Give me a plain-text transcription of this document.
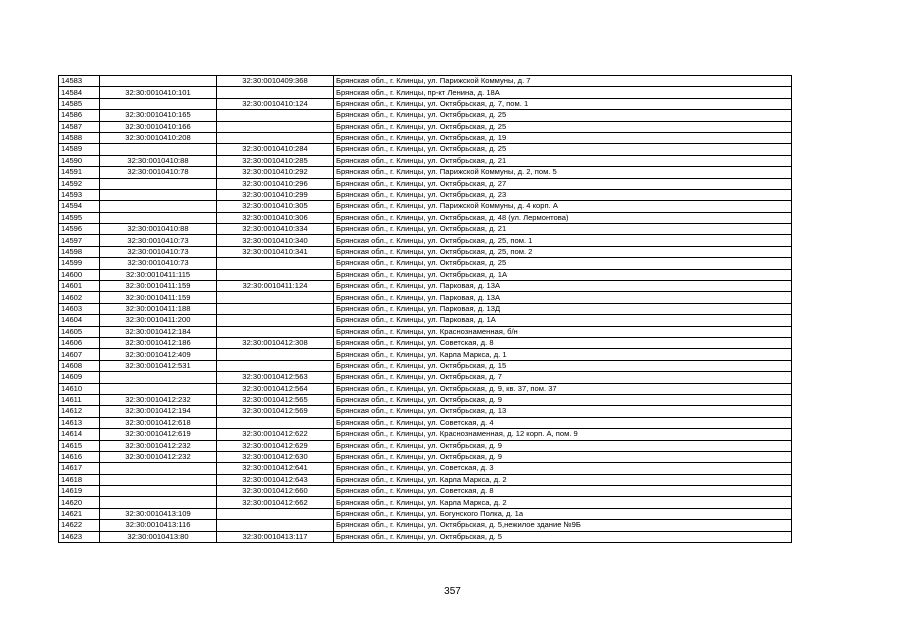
14583		32:30:0010409:368	Брянская обл., г. Клинцы, ул. Парижской Коммуны, д. 7
14584	32:30:0010410:101		Брянская обл., г. Клинцы, пр-кт Ленина, д. 18А
14585		32:30:0010410:124	Брянская обл., г. Клинцы, ул. Октябрьская, д. 7, пом. 1
14586	32:30:0010410:165		Брянская обл., г. Клинцы, ул. Октябрьская, д. 25
14587	32:30:0010410:166		Брянская обл., г. Клинцы, ул. Октябрьская, д. 25
14588	32:30:0010410:208		Брянская обл., г. Клинцы, ул. Октябрьская, д. 19
14589		32:30:0010410:284	Брянская обл., г. Клинцы, ул. Октябрьская, д. 25
14590	32:30:0010410:88	32:30:0010410:285	Брянская обл., г. Клинцы, ул. Октябрьская, д. 21
14591	32:30:0010410:78	32:30:0010410:292	Брянская обл., г. Клинцы, ул. Парижской Коммуны, д. 2, пом. 5
14592		32:30:0010410:296	Брянская обл., г. Клинцы, ул. Октябрьская, д. 27
14593		32:30:0010410:299	Брянская обл., г. Клинцы, ул. Октябрьская, д. 23
14594		32:30:0010410:305	Брянская обл., г. Клинцы, ул. Парижской Коммуны, д. 4 корп. А
14595		32:30:0010410:306	Брянская обл., г. Клинцы, ул. Октябрьская, д. 48 (ул. Лермонтова)
14596	32:30:0010410:88	32:30:0010410:334	Брянская обл., г. Клинцы, ул. Октябрьская, д. 21
14597	32:30:0010410:73	32:30:0010410:340	Брянская обл., г. Клинцы, ул. Октябрьская, д. 25, пом. 1
14598	32:30:0010410:73	32:30:0010410:341	Брянская обл., г. Клинцы, ул. Октябрьская, д. 25, пом. 2
14599	32:30:0010410:73		Брянская обл., г. Клинцы, ул. Октябрьская, д. 25
14600	32:30:0010411:115		Брянская обл., г. Клинцы, ул. Октябрьская, д. 1А
14601	32:30:0010411:159	32:30:0010411:124	Брянская обл., г. Клинцы, ул. Парковая, д. 13А
14602	32:30:0010411:159		Брянская обл., г. Клинцы, ул. Парковая, д. 13А
14603	32:30:0010411:188		Брянская обл., г. Клинцы, ул. Парковая, д. 13Д
14604	32:30:0010411:200		Брянская обл., г. Клинцы, ул. Парковая, д. 1А
14605	32:30:0010412:184		Брянская обл., г. Клинцы, ул. Краснознаменная, б/н
14606	32:30:0010412:186	32:30:0010412:308	Брянская обл., г. Клинцы, ул. Советская, д. 8
14607	32:30:0010412:409		Брянская обл., г. Клинцы, ул. Карла Маркса, д. 1
14608	32:30:0010412:531		Брянская обл., г. Клинцы, ул. Октябрьская, д. 15
14609		32:30:0010412:563	Брянская обл., г. Клинцы, ул. Октябрьская, д. 7
14610		32:30:0010412:564	Брянская обл., г. Клинцы, ул. Октябрьская, д. 9, кв. 37, пом. 37
14611	32:30:0010412:232	32:30:0010412:565	Брянская обл., г. Клинцы, ул. Октябрьская, д. 9
14612	32:30:0010412:194	32:30:0010412:569	Брянская обл., г. Клинцы, ул. Октябрьская, д. 13
14613	32:30:0010412:618		Брянская обл., г. Клинцы, ул. Советская, д. 4
14614	32:30:0010412:619	32:30:0010412:622	Брянская обл., г. Клинцы, ул. Краснознаменная, д. 12 корп. А, пом. 9
14615	32:30:0010412:232	32:30:0010412:629	Брянская обл., г. Клинцы, ул. Октябрьская, д. 9
14616	32:30:0010412:232	32:30:0010412:630	Брянская обл., г. Клинцы, ул. Октябрьская, д. 9
14617		32:30:0010412:641	Брянская обл., г. Клинцы, ул. Советская, д. 3
14618		32:30:0010412:643	Брянская обл., г. Клинцы, ул. Карла Маркса, д. 2
14619		32:30:0010412:660	Брянская обл., г. Клинцы, ул. Советская, д. 8
14620		32:30:0010412:662	Брянская обл., г. Клинцы, ул. Карла Маркса, д. 2
14621	32:30:0010413:109		Брянская обл., г. Клинцы, ул. Богунского Полка, д. 1а
14622	32:30:0010413:116		Брянская обл., г. Клинцы, ул. Октябрьская, д. 5,нежилое здание №9Б
14623	32:30:0010413:80	32:30:0010413:117	Брянская обл., г. Клинцы, ул. Октябрьская, д. 5
357
